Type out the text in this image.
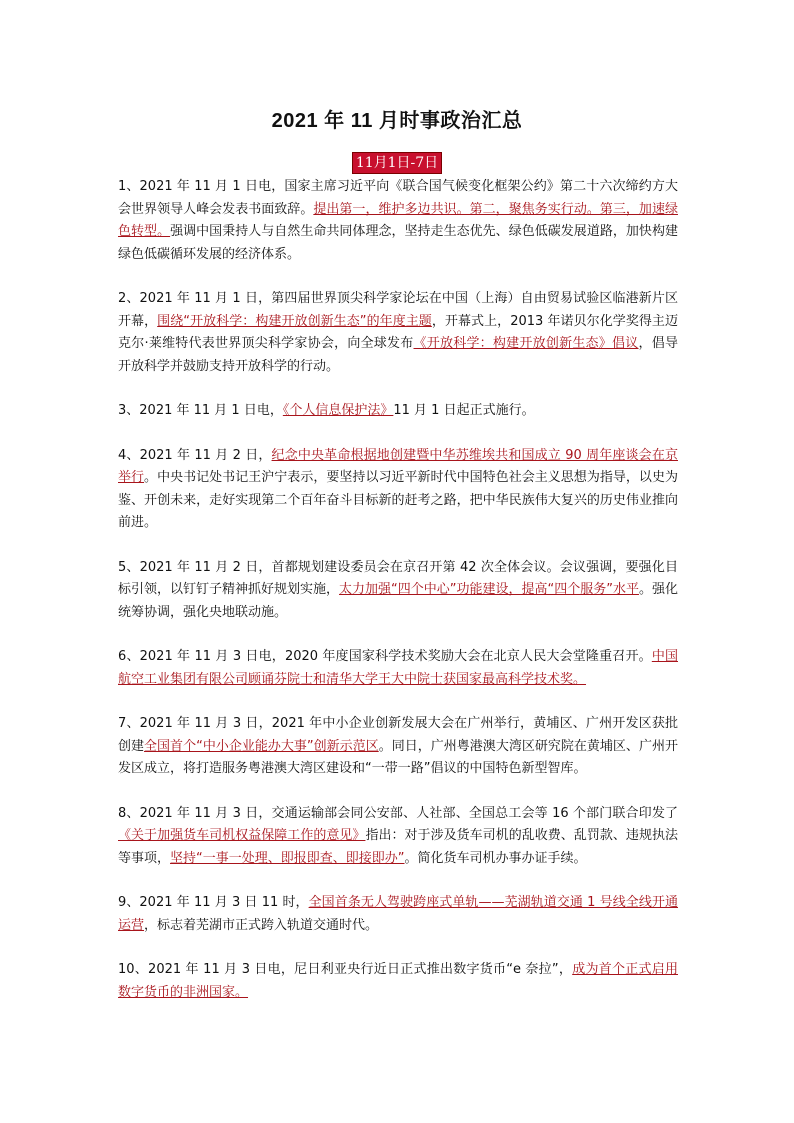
2021 年 11 月时事政治汇总
11月1日-7日

1、2021 年 11 月 1 日电，国家主席习近平向《联合国气候变化框架公约》第二十六次缔约方大会世界领导人峰会发表书面致辞。提出第一，维护多边共识。第二，聚焦务实行动。第三，加速绿色转型。强调中国秉持人与自然生命共同体理念，坚持走生态优先、绿色低碳发展道路，加快构建绿色低碳循环发展的经济体系。

2、2021 年 11 月 1 日，第四届世界顶尖科学家论坛在中国（上海）自由贸易试验区临港新片区开幕，围绕“开放科学：构建开放创新生态”的年度主题，开幕式上，2013 年诺贝尔化学奖得主迈克尔·莱维特代表世界顶尖科学家协会，向全球发布《开放科学：构建开放创新生态》倡议，倡导开放科学并鼓励支持开放科学的行动。

3、2021 年 11 月 1 日电，《个人信息保护法》11 月 1 日起正式施行。

4、2021 年 11 月 2 日，纪念中央革命根据地创建暨中华苏维埃共和国成立 90 周年座谈会在京举行。中央书记处书记王沪宁表示，要坚持以习近平新时代中国特色社会主义思想为指导，以史为鉴、开创未来，走好实现第二个百年奋斗目标新的赶考之路，把中华民族伟大复兴的历史伟业推向前进。

5、2021 年 11 月 2 日，首都规划建设委员会在京召开第 42 次全体会议。会议强调，要强化目标引领，以钉钉子精神抓好规划实施，太力加强“四个中心”功能建设，提高“四个服务”水平。强化统筹协调，强化央地联动施。

6、2021 年 11 月 3 日电，2020 年度国家科学技术奖励大会在北京人民大会堂隆重召开。中国航空工业集团有限公司顾诵芬院士和清华大学王大中院士获国家最高科学技术奖。

7、2021 年 11 月 3 日，2021 年中小企业创新发展大会在广州举行，黄埔区、广州开发区获批创建全国首个“中小企业能办大事”创新示范区。同日，广州粤港澳大湾区研究院在黄埔区、广州开发区成立，将打造服务粤港澳大湾区建设和“一带一路”倡议的中国特色新型智库。

8、2021 年 11 月 3 日，交通运输部会同公安部、人社部、全国总工会等 16 个部门联合印发了《关于加强货车司机权益保障工作的意见》指出：对于涉及货车司机的乱收费、乱罚款、违规执法等事项，坚持“一事一处理、即报即查、即接即办”。简化货车司机办事办证手续。

9、2021 年 11 月 3 日 11 时，全国首条无人驾驶跨座式单轨——芜湖轨道交通 1 号线全线开通运营，标志着芜湖市正式跨入轨道交通时代。

10、2021 年 11 月 3 日电，尼日利亚央行近日正式推出数字货币“e 奈拉”，成为首个正式启用数字货币的非洲国家。
